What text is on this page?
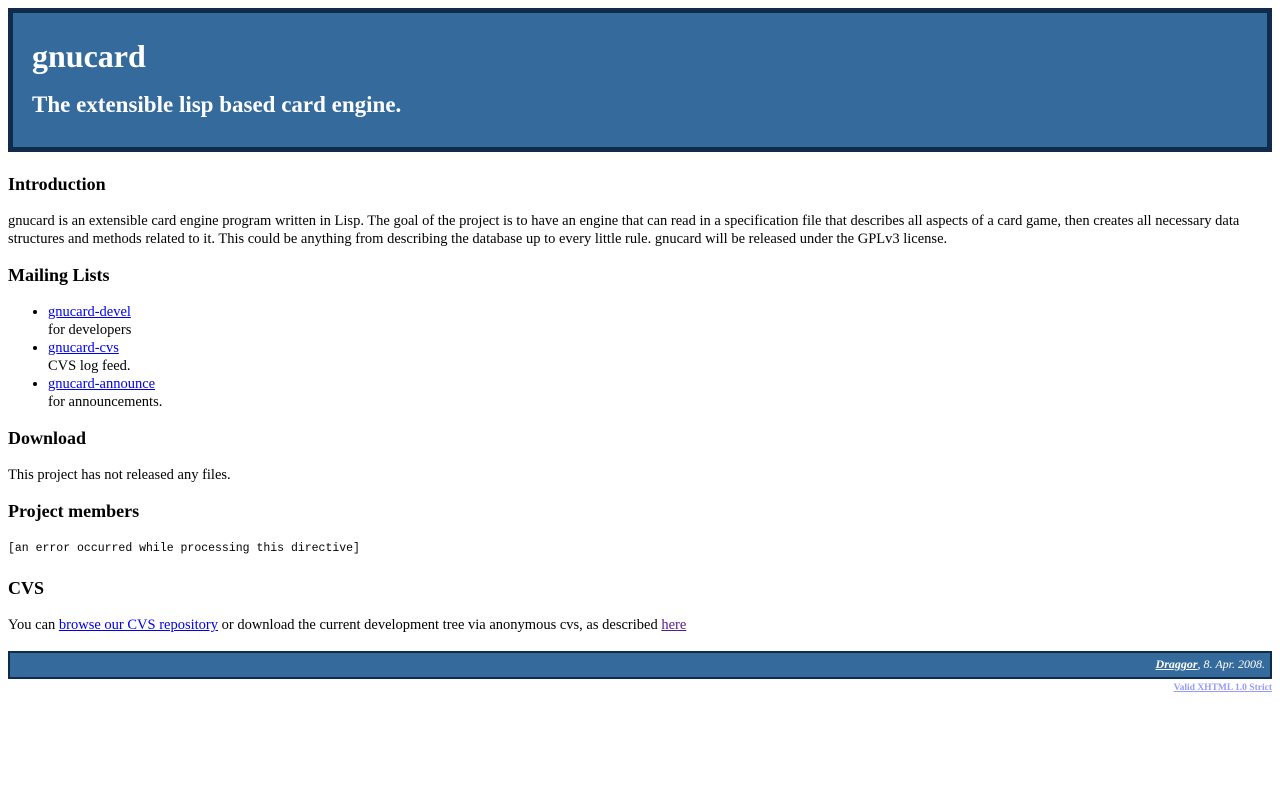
gnucard
The extensible lisp based card engine.
Introduction

gnucard is an extensible card engine program written in Lisp. The goal of the project is to have an engine that can read in a specification file that describes all aspects of a card game, then creates all necessary data structures and methods related to it. This could be anything from describing the database up to every little rule. gnucard will be released under the GPLv3 license.

Mailing Lists
• gnucard-devel
for developers
• gnucard-cvs
CVS log feed.
• gnucard-announce
for announcements.
Download

This project has not released any files.

Project members
[an error occurred while processing this directive]
CVS

You can browse our CVS repository or download the current development tree via anonymous cvs, as described here

Draggor, 8. Apr. 2008.
Valid XHTML 1.0 Strict
